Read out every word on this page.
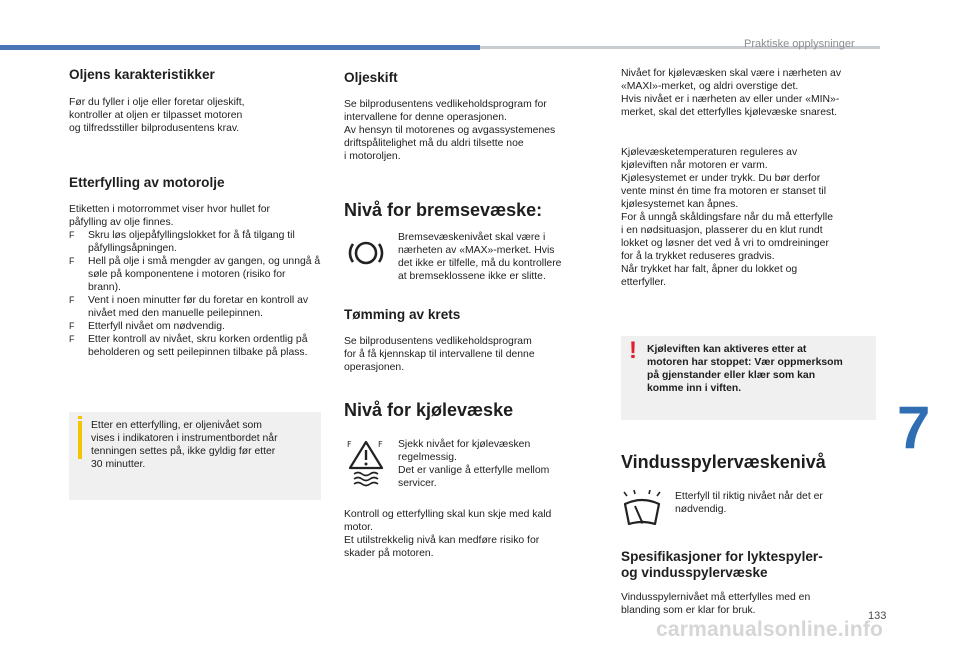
Praktiske opplysninger
7
133
carmanualsonline.info
Oljens karakteristikker

Før du fyller i olje eller foretar oljeskift,
kontroller at oljen er tilpasset motoren
og tilfredsstiller bilprodusentens krav.

Etterfylling av motorolje

Etiketten i motorrommet viser hvor hullet for
påfylling av olje finnes.

F Skru løs oljepåfyllingslokket for å få tilgang til påfyllingsåpningen.
F Hell på olje i små mengder av gangen, og unngå å søle på komponentene i motoren (risiko for brann).
F Vent i noen minutter før du foretar en kontroll av nivået med den manuelle peilepinnen.
F Etterfyll nivået om nødvendig.
F Etter kontroll av nivået, skru korken ordentlig på beholderen og sett peilepinnen tilbake på plass.

Etter en etterfylling, er oljenivået som
vises i indikatoren i instrumentbordet når
tenningen settes på, ikke gyldig før etter
30 minutter.

Oljeskift

Se bilprodusentens vedlikeholdsprogram for
intervallene for denne operasjonen.
Av hensyn til motorenes og avgassystemenes
driftspålitelighet må du aldri tilsette noe
i motoroljen.

Nivå for bremsevæske:

Bremsevæskenivået skal være i
nærheten av «MAX»-merket. Hvis
det ikke er tilfelle, må du kontrollere
at bremseklossene ikke er slitte.

Tømming av krets

Se bilprodusentens vedlikeholdsprogram
for å få kjennskap til intervallene til denne
operasjonen.

Nivå for kjølevæske
F	F Sjekk nivået for kjølevæsken
regelmessig.
Det er vanlige å etterfylle mellom
servicer.

Kontroll og etterfylling skal kun skje med kald
motor.
Et utilstrekkelig nivå kan medføre risiko for
skader på motoren.

Nivået for kjølevæsken skal være i nærheten av
«MAXI»-merket, og aldri overstige det.
Hvis nivået er i nærheten av eller under «MIN»-
merket, skal det etterfylles kjølevæske snarest.

Kjølevæsketemperaturen reguleres av
kjøleviften når motoren er varm.
Kjølesystemet er under trykk. Du bør derfor
vente minst én time fra motoren er stanset til
kjølesystemet kan åpnes.
For å unngå skåldingsfare når du må etterfylle
i en nødsituasjon, plasserer du en klut rundt
lokket og løsner det ved å vri to omdreininger
for å la trykket reduseres gradvis.
Når trykket har falt, åpner du lokket og
etterfyller.

! Kjøleviften kan aktiveres etter at
motoren har stoppet: Vær oppmerksom
på gjenstander eller klær som kan
komme inn i viften.

Vindusspylervæskenivå

Etterfyll til riktig nivået når det er
nødvendig.

Spesifikasjoner for lyktespyler-
og vindusspylervæske

Vindusspylernivået må etterfylles med en
blanding som er klar for bruk.
